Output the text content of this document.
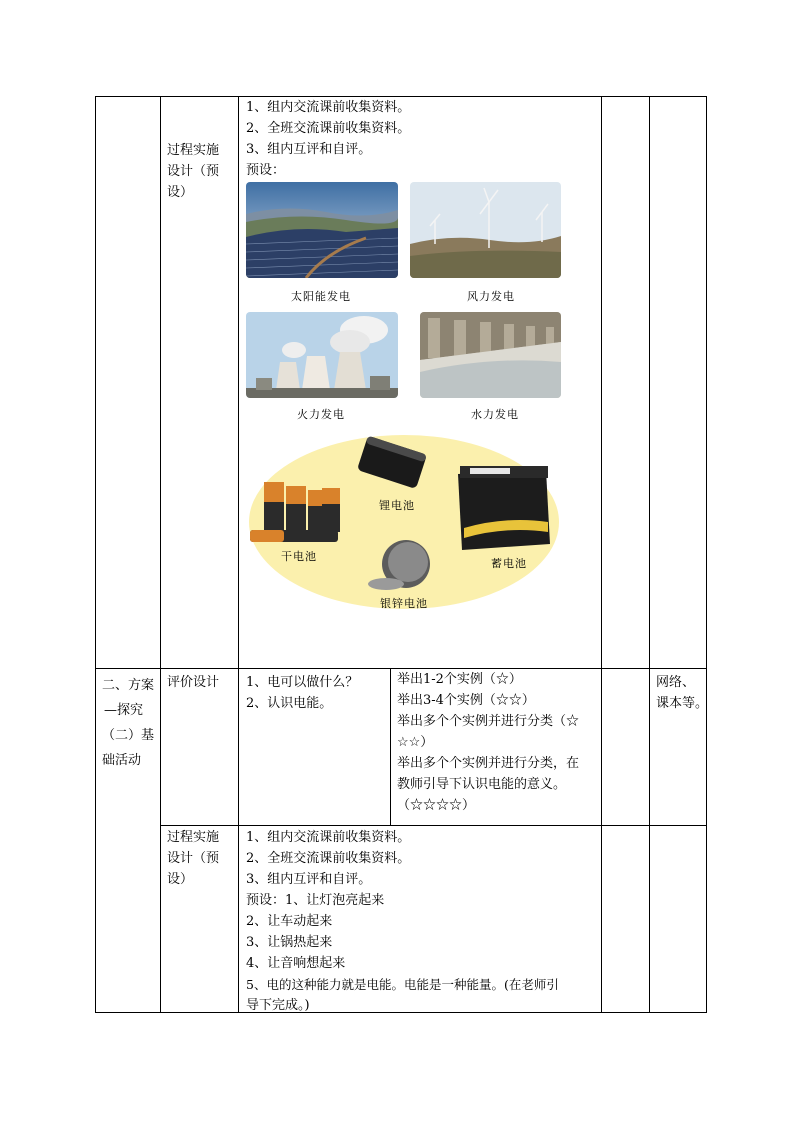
过程实施

设计（预

设）

1、组内交流课前收集资料。

2、全班交流课前收集资料。

3、组内互评和自评。

预设：

太阳能发电	风力发电
火力发电	水力发电
锂电池
干电池
蓄电池
银锌电池

二、方案

—探究

（二）基

础活动

评价设计 1、电可以做什么？

2、认识电能。

举出1-2个实例（☆）

举出3-4个实例（☆☆）

举出多个个实例并进行分类（☆

☆☆）

举出多个个实例并进行分类，在

教师引导下认识电能的意义。

（☆☆☆☆）

网络、

课本等。

过程实施

设计（预

设）

1、组内交流课前收集资料。

2、全班交流课前收集资料。

3、组内互评和自评。

预设：1、让灯泡亮起来

2、让车动起来

3、让锅热起来

4、让音响想起来

5、电的这种能力就是电能。电能是一种能量。(在老师引

导下完成。)
